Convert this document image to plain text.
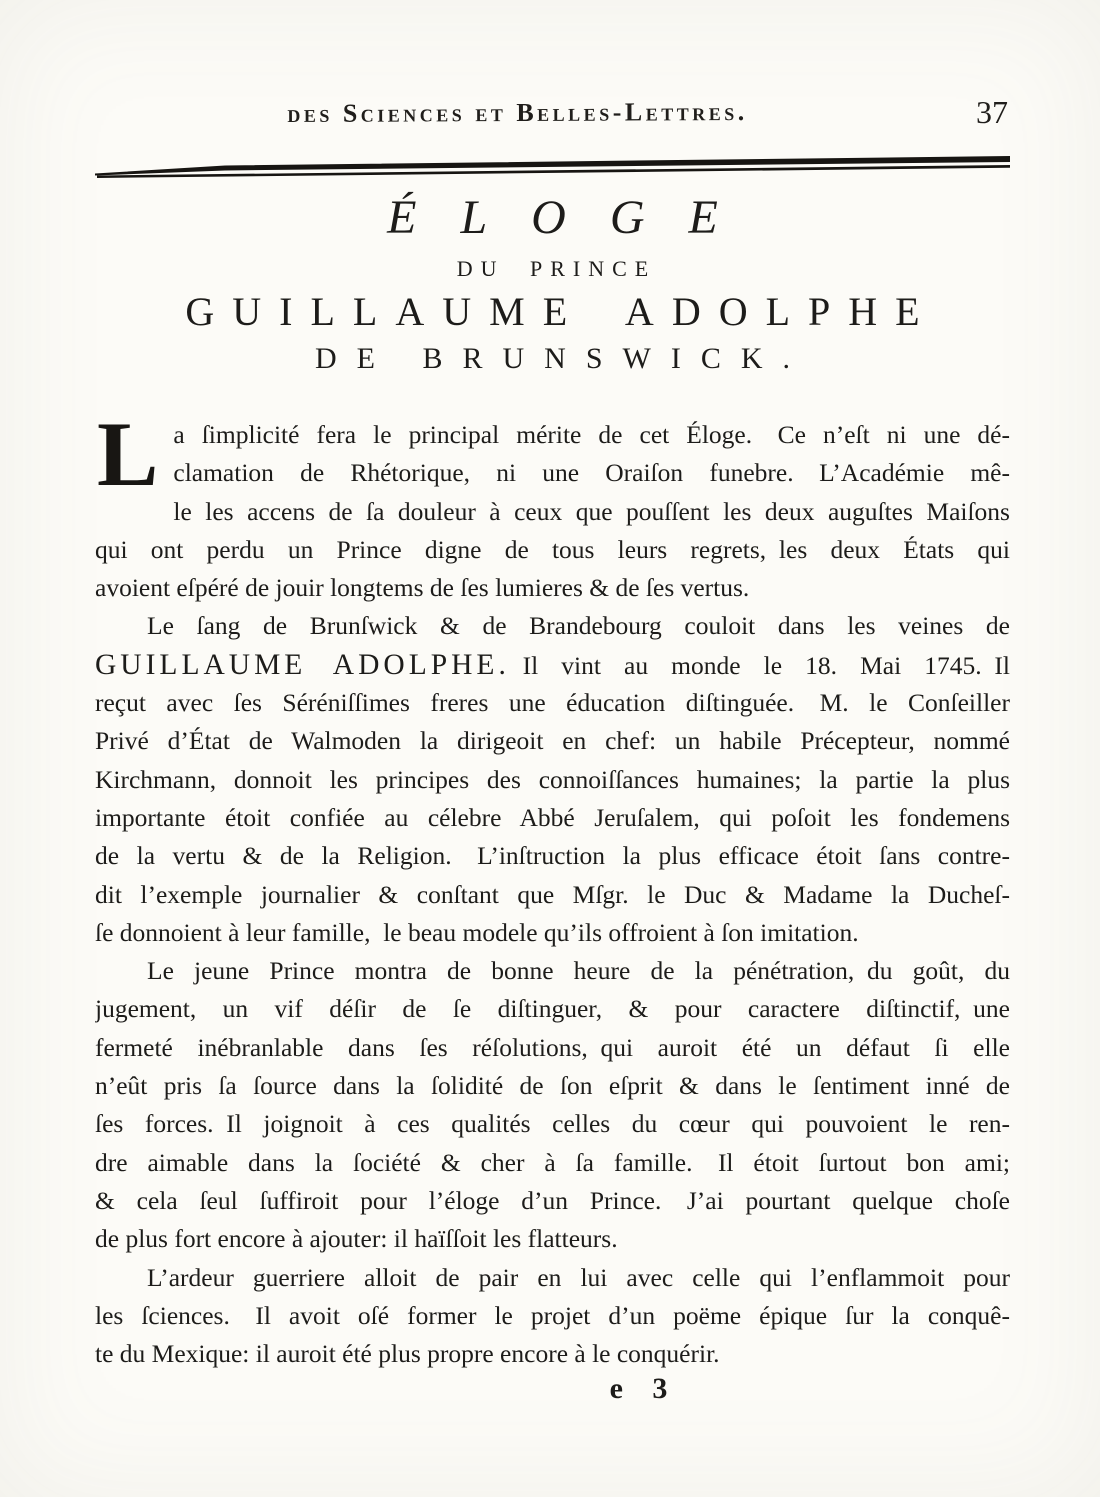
des Sciences et Belles-Lettres.	37
ÉLOGE
DU PRINCE
GUILLAUME ADOLPHE
DE BRUNSWICK.
L a ſimplicité fera le principal mérite de cet Éloge.  Ce n’eſt ni une dé-
clamation de Rhétorique, ni une Oraiſon funebre.  L’Académie mê-
le les accens de ſa douleur à ceux que pouſſent les deux auguſtes Maiſons
qui ont perdu un Prince digne de tous leurs regrets, les deux États qui
avoient eſpéré de jouir longtems de ſes lumieres & de ſes vertus.
Le ſang de Brunſwick & de Brandebourg couloit dans les veines de
GUILLAUME ADOLPHE. Il vint au monde le 18. Mai 1745. Il
reçut avec ſes Séréniſſimes freres une éducation diſtinguée.  M. le Conſeiller
Privé d’État de Walmoden la dirigeoit en chef: un habile Précepteur, nommé
Kirchmann, donnoit les principes des connoiſſances humaines; la partie la plus
importante étoit confiée au célebre Abbé Jeruſalem, qui poſoit les fondemens
de la vertu & de la Religion.  L’inſtruction la plus efficace étoit ſans contre-
dit l’exemple journalier & conſtant que Mſgr. le Duc & Madame la Ducheſ-
ſe donnoient à leur famille, le beau modele qu’ils offroient à ſon imitation.
Le jeune Prince montra de bonne heure de la pénétration, du goût, du
jugement, un vif déſir de ſe diſtinguer, & pour caractere diſtinctif, une
fermeté inébranlable dans ſes réſolutions, qui auroit été un défaut ſi elle
n’eût pris ſa ſource dans la ſolidité de ſon eſprit & dans le ſentiment inné de
ſes forces. Il joignoit à ces qualités celles du cœur qui pouvoient le ren-
dre aimable dans la ſociété & cher à ſa famille.  Il étoit ſurtout bon ami;
& cela ſeul ſuffiroit pour l’éloge d’un Prince.  J’ai pourtant quelque choſe
de plus fort encore à ajouter: il haïſſoit les flatteurs.
L’ardeur guerriere alloit de pair en lui avec celle qui l’enflammoit pour
les ſciences.  Il avoit oſé former le projet d’un poëme épique ſur la conquê-
te du Mexique: il auroit été plus propre encore à le conquérir.
e 3
